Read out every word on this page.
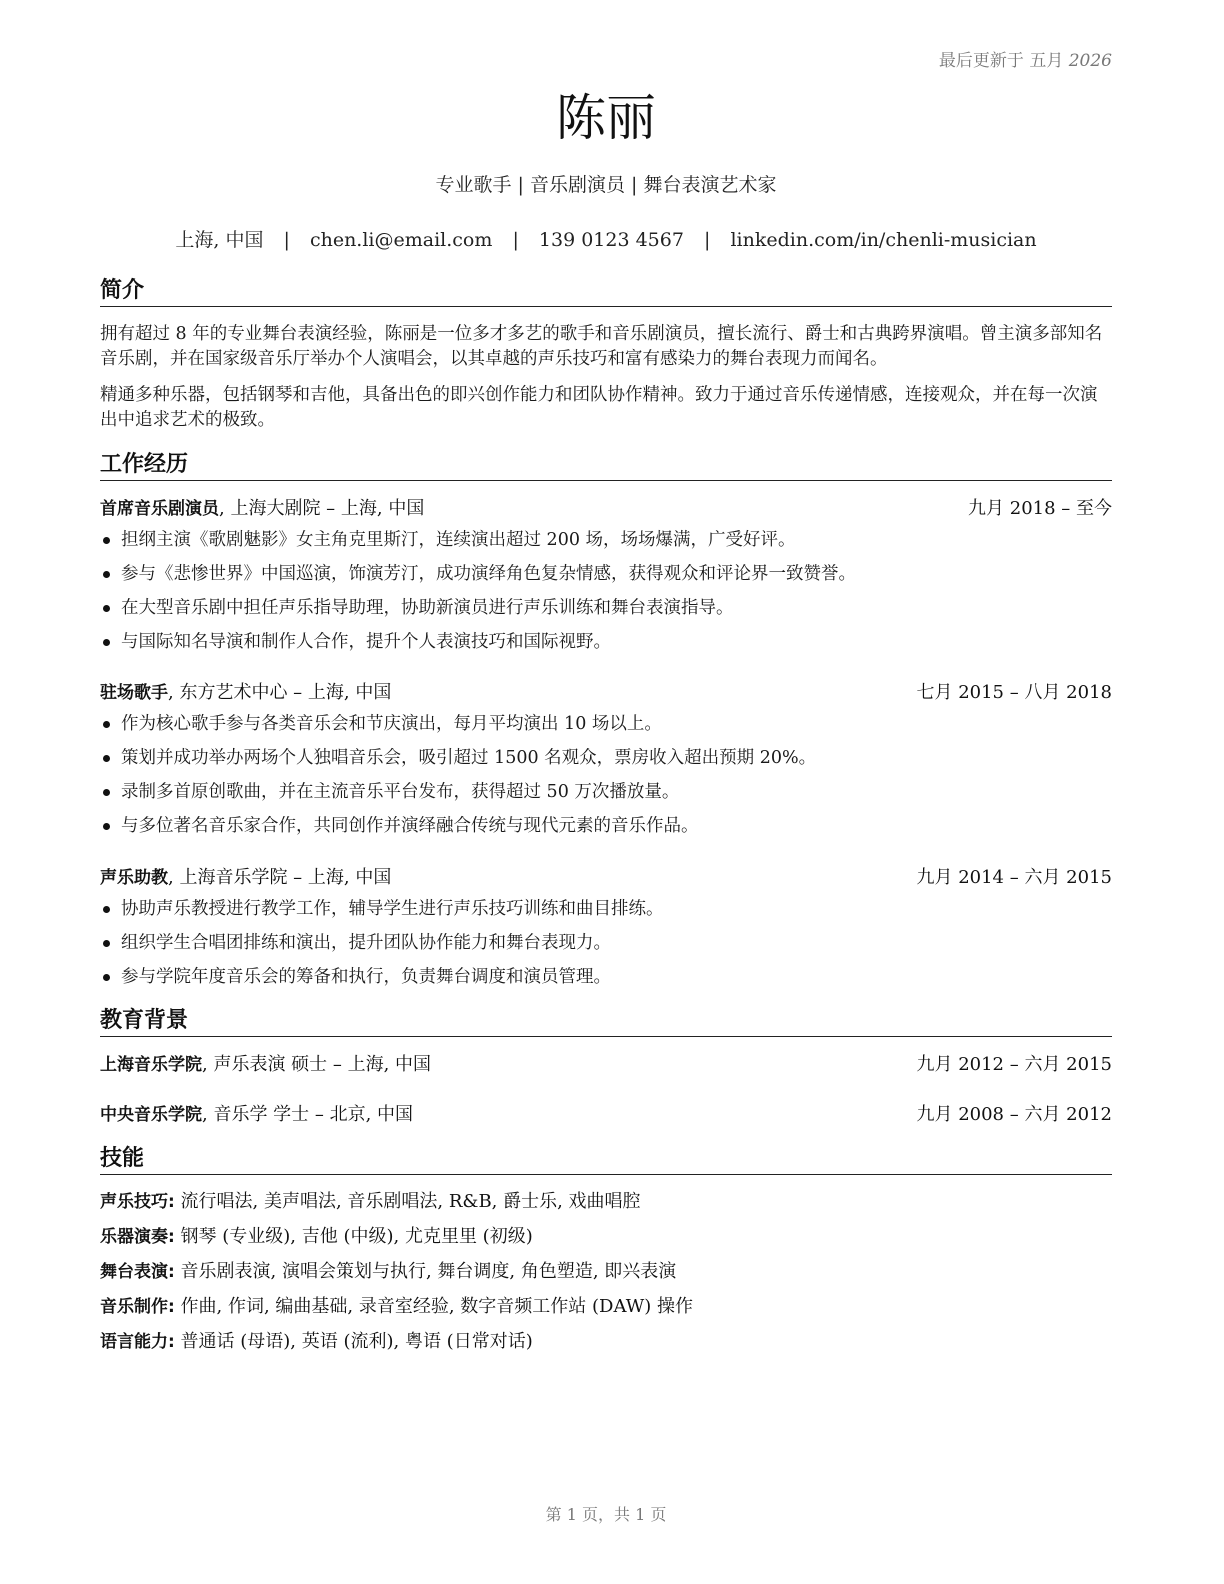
最后更新于 五月 2026
陈丽
专业歌手 | 音乐剧演员 | 舞台表演艺术家
上海, 中国 | chen.li@email.com | 139 0123 4567 | linkedin.com/in/chenli-musician
简介
拥有超过 8 年的专业舞台表演经验，陈丽是一位多才多艺的歌手和音乐剧演员，擅长流行、爵士和古典跨界演唱。曾主演多部知名音乐剧，并在国家级音乐厅举办个人演唱会，以其卓越的声乐技巧和富有感染力的舞台表现力而闻名。
精通多种乐器，包括钢琴和吉他，具备出色的即兴创作能力和团队协作精神。致力于通过音乐传递情感，连接观众，并在每一次演出中追求艺术的极致。
工作经历
首席音乐剧演员, 上海大剧院 – 上海, 中国	九月 2018 – 至今
担纲主演《歌剧魅影》女主角克里斯汀，连续演出超过 200 场，场场爆满，广受好评。
参与《悲惨世界》中国巡演，饰演芳汀，成功演绎角色复杂情感，获得观众和评论界一致赞誉。
在大型音乐剧中担任声乐指导助理，协助新演员进行声乐训练和舞台表演指导。
与国际知名导演和制作人合作，提升个人表演技巧和国际视野。
驻场歌手, 东方艺术中心 – 上海, 中国	七月 2015 – 八月 2018
作为核心歌手参与各类音乐会和节庆演出，每月平均演出 10 场以上。
策划并成功举办两场个人独唱音乐会，吸引超过 1500 名观众，票房收入超出预期 20%。
录制多首原创歌曲，并在主流音乐平台发布，获得超过 50 万次播放量。
与多位著名音乐家合作，共同创作并演绎融合传统与现代元素的音乐作品。
声乐助教, 上海音乐学院 – 上海, 中国	九月 2014 – 六月 2015
协助声乐教授进行教学工作，辅导学生进行声乐技巧训练和曲目排练。
组织学生合唱团排练和演出，提升团队协作能力和舞台表现力。
参与学院年度音乐会的筹备和执行，负责舞台调度和演员管理。
教育背景
上海音乐学院, 声乐表演 硕士 – 上海, 中国	九月 2012 – 六月 2015
中央音乐学院, 音乐学 学士 – 北京, 中国	九月 2008 – 六月 2012
技能
声乐技巧: 流行唱法, 美声唱法, 音乐剧唱法, R&B, 爵士乐, 戏曲唱腔
乐器演奏: 钢琴 (专业级), 吉他 (中级), 尤克里里 (初级)
舞台表演: 音乐剧表演, 演唱会策划与执行, 舞台调度, 角色塑造, 即兴表演
音乐制作: 作曲, 作词, 编曲基础, 录音室经验, 数字音频工作站 (DAW) 操作
语言能力: 普通话 (母语), 英语 (流利), 粤语 (日常对话)
第 1 页，共 1 页
